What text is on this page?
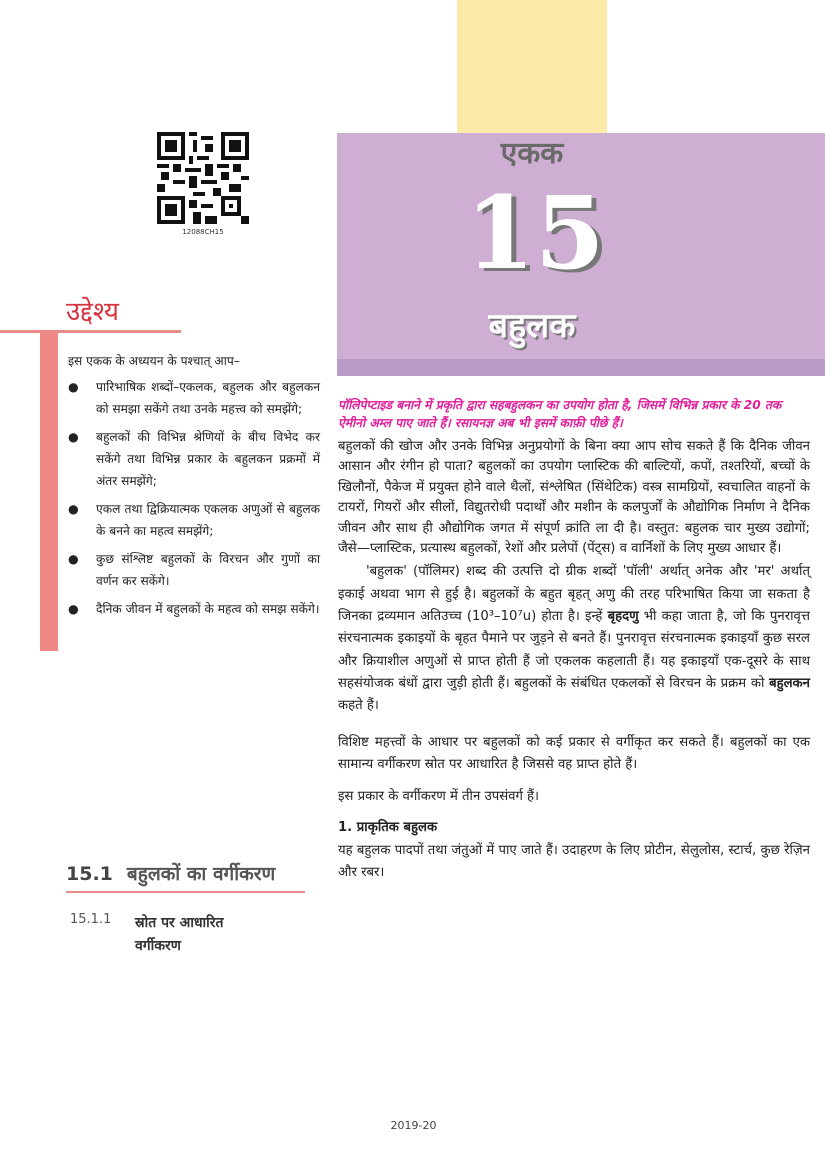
एकक
15
बहुलक
12088CH15
उद्देश्य
इस एकक के अध्ययन के पश्चात् आप–
● पारिभाषिक शब्दों–एकलक, बहुलक और बहुलकन को समझा सकेंगे तथा उनके महत्त्व को समझेंगे;
● बहुलकों की विभिन्न श्रेणियों के बीच विभेद कर सकेंगे तथा विभिन्न प्रकार के बहुलकन प्रक्रमों में अंतर समझेंगे;
● एकल तथा द्विक्रियात्मक एकलक अणुओं से बहुलक के बनने का महत्व समझेंगे;
● कुछ संश्लिष्ट बहुलकों के विरचन और गुणों का वर्णन कर सकेंगे।
● दैनिक जीवन में बहुलकों के महत्व को समझ सकेंगे।
पॉलिपेप्टाइड बनाने में प्रकृति द्वारा सहबहुलकन का उपयोग होता है, जिसमें विभिन्न प्रकार के 20 तक ऐमीनो अम्ल पाए जाते हैं। रसायनज्ञ अब भी इसमें काफ़ी पीछे हैं।

बहुलकों की खोज और उनके विभिन्न अनुप्रयोगों के बिना क्या आप सोच सकते हैं कि दैनिक जीवन आसान और रंगीन हो पाता? बहुलकों का उपयोग प्लास्टिक की बाल्टियों, कपों, तश्तरियों, बच्चों के खिलौनों, पैकेज में प्रयुक्त होने वाले थैलों, संश्लेषित (सिंथेटिक) वस्त्र सामग्रियों, स्वचालित वाहनों के टायरों, गियरों और सीलों, विद्युतरोधी पदार्थों और मशीन के कलपुर्जों के औद्योगिक निर्माण ने दैनिक जीवन और साथ ही औद्योगिक जगत में संपूर्ण क्रांति ला दी है। वस्तुत: बहुलक चार मुख्य उद्योगों; जैसे—प्लास्टिक, प्रत्यास्थ बहुलकों, रेशों और प्रलेपों (पेंट्स) व वार्निशों के लिए मुख्य आधार हैं।

'बहुलक' (पॉलिमर) शब्द की उत्पत्ति दो ग्रीक शब्दों 'पॉली' अर्थात् अनेक और 'मर' अर्थात् इकाई अथवा भाग से हुई है। बहुलकों के बहुत बृहत् अणु की तरह परिभाषित किया जा सकता है जिनका द्रव्यमान अतिउच्च (10³–10⁷u) होता है। इन्हें बृहदणु भी कहा जाता है, जो कि पुनरावृत्त संरचनात्मक इकाइयों के बृहत पैमाने पर जुड़ने से बनते हैं। पुनरावृत्त संरचनात्मक इकाइयाँ कुछ सरल और क्रियाशील अणुओं से प्राप्त होती हैं जो एकलक कहलाती हैं। यह इकाइयाँ एक-दूसरे के साथ सहसंयोजक बंधों द्वारा जुड़ी होती हैं। बहुलकों के संबंधित एकलकों से विरचन के प्रक्रम को बहुलकन कहते हैं।

विशिष्ट महत्त्वों के आधार पर बहुलकों को कई प्रकार से वर्गीकृत कर सकते हैं। बहुलकों का एक सामान्य वर्गीकरण स्रोत पर आधारित है जिससे वह प्राप्त होते हैं।

इस प्रकार के वर्गीकरण में तीन उपसंवर्ग हैं।

1. प्राकृतिक बहुलक

यह बहुलक पादपों तथा जंतुओं में पाए जाते हैं। उदाहरण के लिए प्रोटीन, सेलुलोस, स्टार्च, कुछ रेज़िन और रबर।

15.1 बहुलकों का वर्गीकरण
15.1.1 स्रोत पर आधारित वर्गीकरण
2019-20
